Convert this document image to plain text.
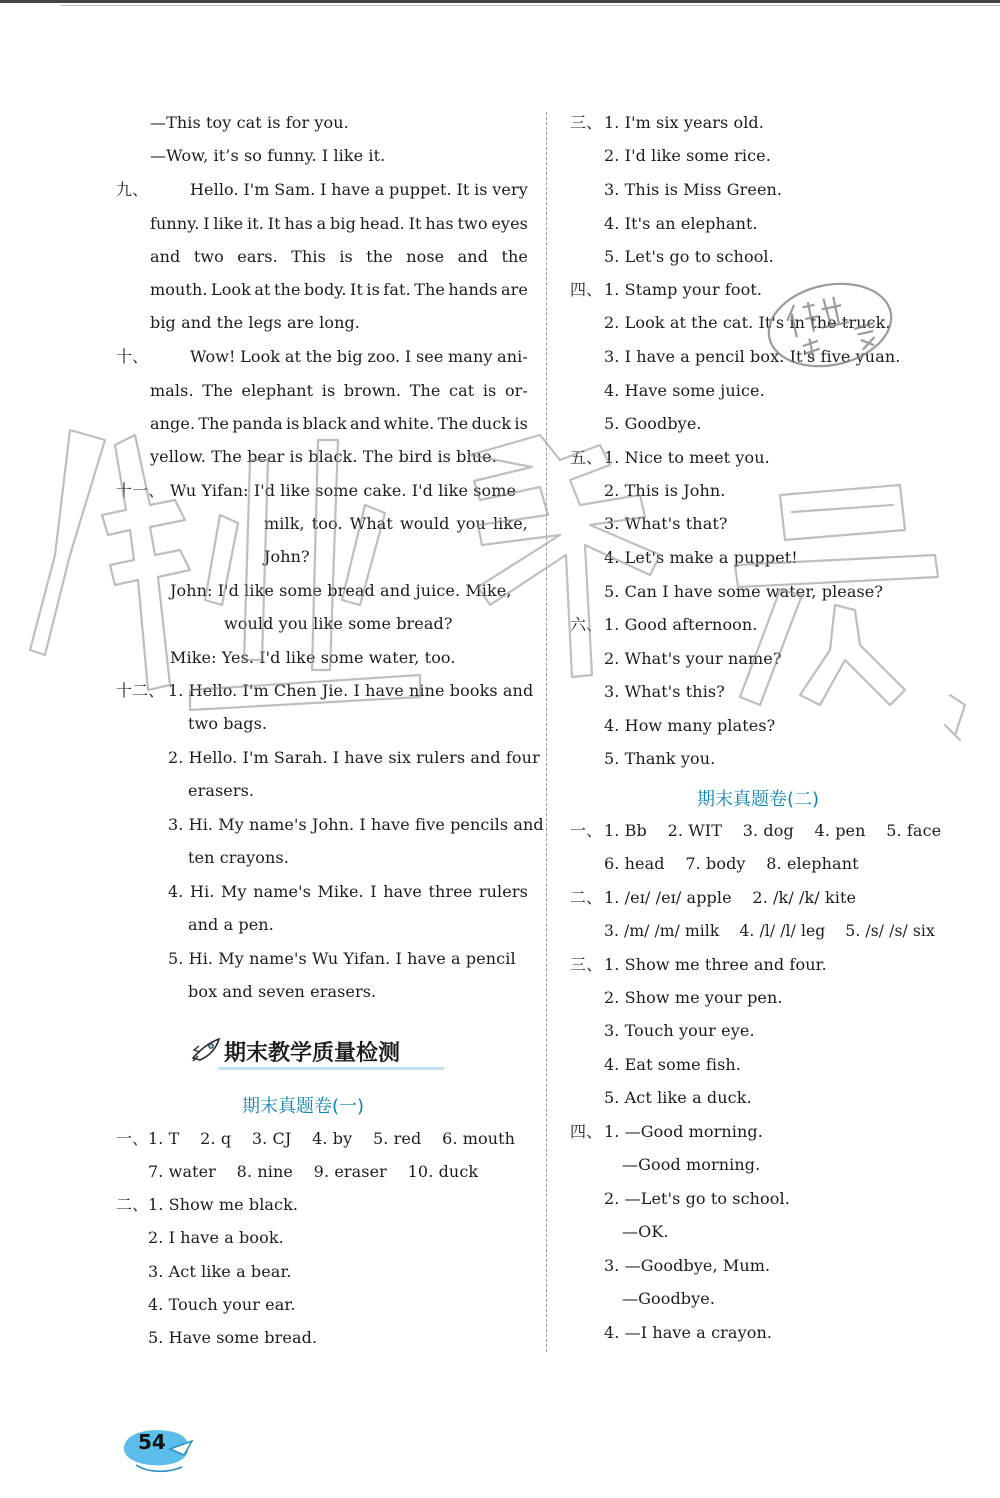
—This toy cat is for you.
—Wow, it’s so funny. I like it.
九、	Hello. I'm Sam. I have a puppet. It is very
funny. I like it. It has a big head. It has two eyes
and two ears. This is the nose and the
mouth. Look at the body. It is fat. The hands are
big and the legs are long.
十、	Wow! Look at the big zoo. I see many ani-
mals. The elephant is brown. The cat is or-
ange. The panda is black and white. The duck is
yellow. The bear is black. The bird is blue.
十一、 Wu Yifan: I'd like some cake. I'd like some
milk, too. What would you like,
John?
John: I'd like some bread and juice. Mike,
would you like some bread?
Mike: Yes. I'd like some water, too.
十二、 1. Hello. I'm Chen Jie. I have nine books and
two bags.
2. Hello. I'm Sarah. I have six rulers and four
erasers.
3. Hi. My name's John. I have five pencils and
ten crayons.
4. Hi. My name's Mike. I have three rulers
and a pen.
5. Hi. My name's Wu Yifan. I have a pencil
box and seven erasers.
期末教学质量检测
期末真题卷(一)
一、 1. T    2. q    3. CJ    4. by    5. red    6. mouth
7. water    8. nine    9. eraser    10. duck
二、 1. Show me black.
2. I have a book.
3. Act like a bear.
4. Touch your ear.
5. Have some bread.
三、 1. I'm six years old.
2. I'd like some rice.
3. This is Miss Green.
4. It's an elephant.
5. Let's go to school.
四、 1. Stamp your foot.
2. Look at the cat. It's in the truck.
3. I have a pencil box. It's five yuan.
4. Have some juice.
5. Goodbye.
五、 1. Nice to meet you.
2. This is John.
3. What's that?
4. Let's make a puppet!
5. Can I have some water, please?
六、 1. Good afternoon.
2. What's your name?
3. What's this?
4. How many plates?
5. Thank you.
期末真题卷(二)
一、 1. Bb    2. WIT    3. dog    4. pen    5. face
6. head    7. body    8. elephant
二、 1. /eɪ/ /eɪ/ apple    2. /k/ /k/ kite
3. /m/ /m/ milk    4. /l/ /l/ leg    5. /s/ /s/ six
三、 1. Show me three and four.
2. Show me your pen.
3. Touch your eye.
4. Eat some fish.
5. Act like a duck.
四、 1. —Good morning.
—Good morning.
2. —Let's go to school.
—OK.
3. —Goodbye, Mum.
—Goodbye.
4. —I have a crayon.
54
